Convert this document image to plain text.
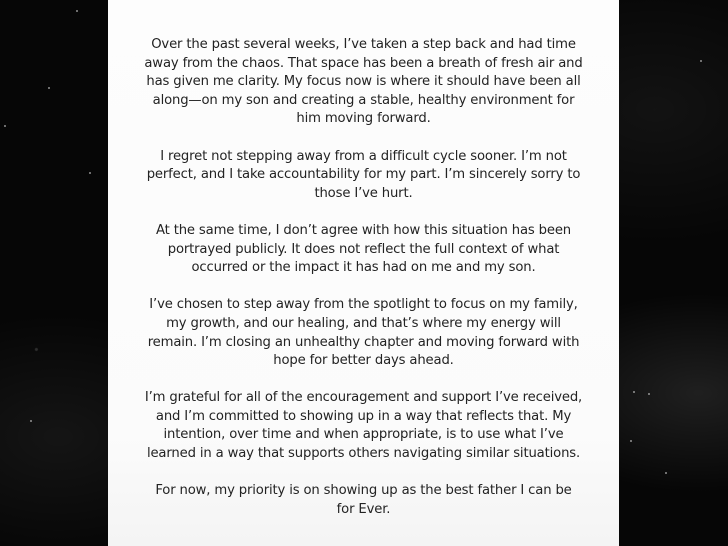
Over the past several weeks, I’ve taken a step back and had time
away from the chaos. That space has been a breath of fresh air and
has given me clarity. My focus now is where it should have been all
along—on my son and creating a stable, healthy environment for
him moving forward.

I regret not stepping away from a difficult cycle sooner. I’m not
perfect, and I take accountability for my part. I’m sincerely sorry to
those I’ve hurt.

At the same time, I don’t agree with how this situation has been
portrayed publicly. It does not reflect the full context of what
occurred or the impact it has had on me and my son.

I’ve chosen to step away from the spotlight to focus on my family,
my growth, and our healing, and that’s where my energy will
remain. I’m closing an unhealthy chapter and moving forward with
hope for better days ahead.

I’m grateful for all of the encouragement and support I’ve received,
and I’m committed to showing up in a way that reflects that. My
intention, over time and when appropriate, is to use what I’ve
learned in a way that supports others navigating similar situations.

For now, my priority is on showing up as the best father I can be
for Ever.
